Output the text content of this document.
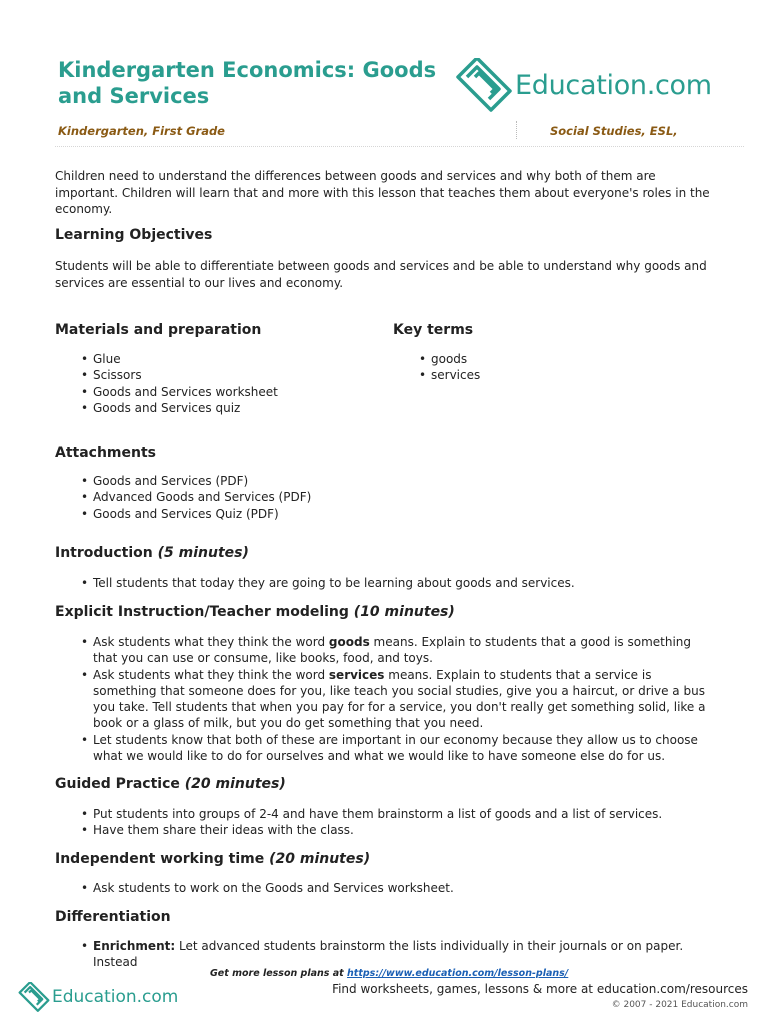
Kindergarten Economics: Goods and Services	Education.com
Kindergarten, First Grade	Social Studies, ESL,

Children need to understand the differences between goods and services and why both of them are important. Children will learn that and more with this lesson that teaches them about everyone's roles in the economy.

Learning Objectives

Students will be able to differentiate between goods and services and be able to understand why goods and services are essential to our lives and economy.

Materials and preparation
• Glue
• Scissors
• Goods and Services worksheet
• Goods and Services quiz
Key terms
• goods
• services
Attachments
• Goods and Services (PDF)
• Advanced Goods and Services (PDF)
• Goods and Services Quiz (PDF)
Introduction (5 minutes)
• Tell students that today they are going to be learning about goods and services.
Explicit Instruction/Teacher modeling (10 minutes)
• Ask students what they think the word goods means. Explain to students that a good is something that you can use or consume, like books, food, and toys.
• Ask students what they think the word services means. Explain to students that a service is something that someone does for you, like teach you social studies, give you a haircut, or drive a bus you take. Tell students that when you pay for for a service, you don't really get something solid, like a book or a glass of milk, but you do get something that you need.
• Let students know that both of these are important in our economy because they allow us to choose what we would like to do for ourselves and what we would like to have someone else do for us.
Guided Practice (20 minutes)
• Put students into groups of 2-4 and have them brainstorm a list of goods and a list of services.
• Have them share their ideas with the class.
Independent working time (20 minutes)
• Ask students to work on the Goods and Services worksheet.
Differentiation
• Enrichment: Let advanced students brainstorm the lists individually in their journals or on paper. Instead
Get more lesson plans at https://www.education.com/lesson-plans/
Education.com	Find worksheets, games, lessons & more at education.com/resources
© 2007 - 2021 Education.com
